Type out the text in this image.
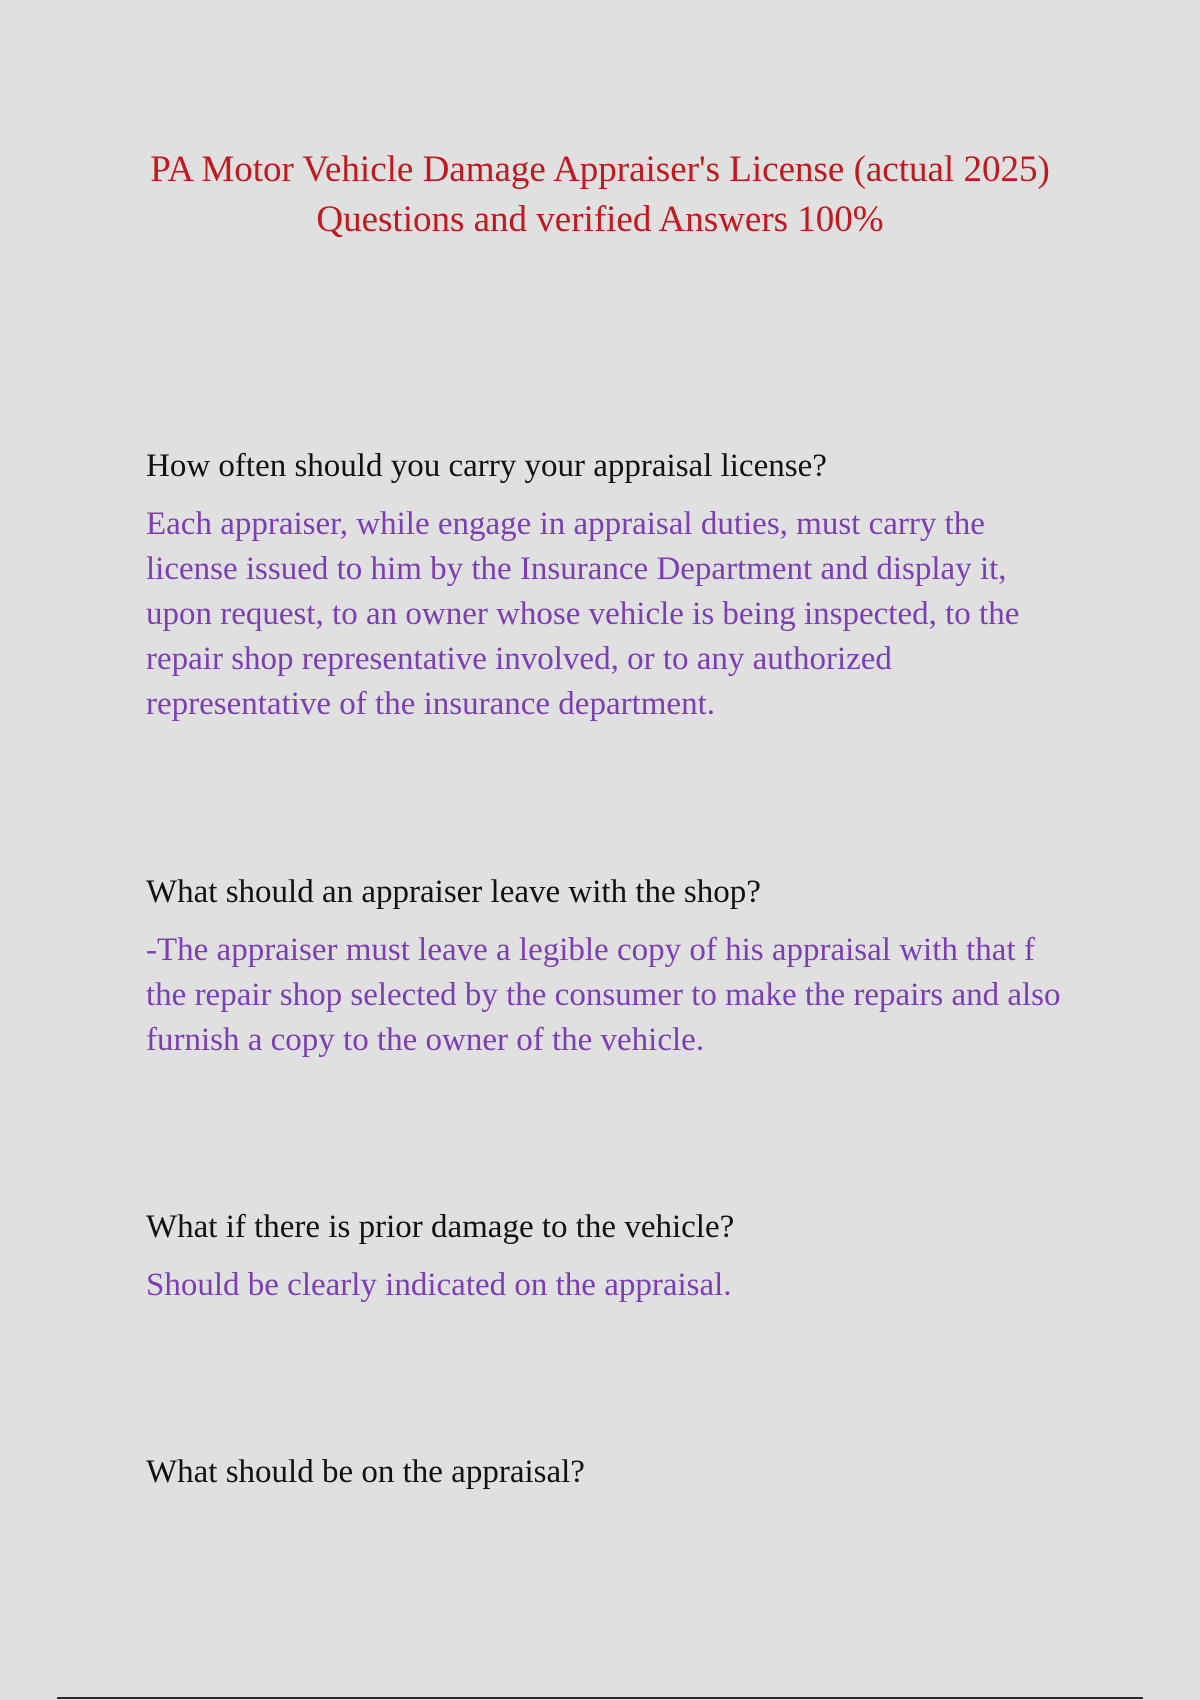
PA Motor Vehicle Damage Appraiser's License (actual 2025) Questions and verified Answers 100%

How often should you carry your appraisal license?

Each appraiser, while engage in appraisal duties, must carry the license issued to him by the Insurance Department and display it, upon request, to an owner whose vehicle is being inspected, to the repair shop representative involved, or to any authorized representative of the insurance department.

What should an appraiser leave with the shop?

-The appraiser must leave a legible copy of his appraisal with that f the repair shop selected by the consumer to make the repairs and also furnish a copy to the owner of the vehicle.

What if there is prior damage to the vehicle?

Should be clearly indicated on the appraisal.

What should be on the appraisal?
